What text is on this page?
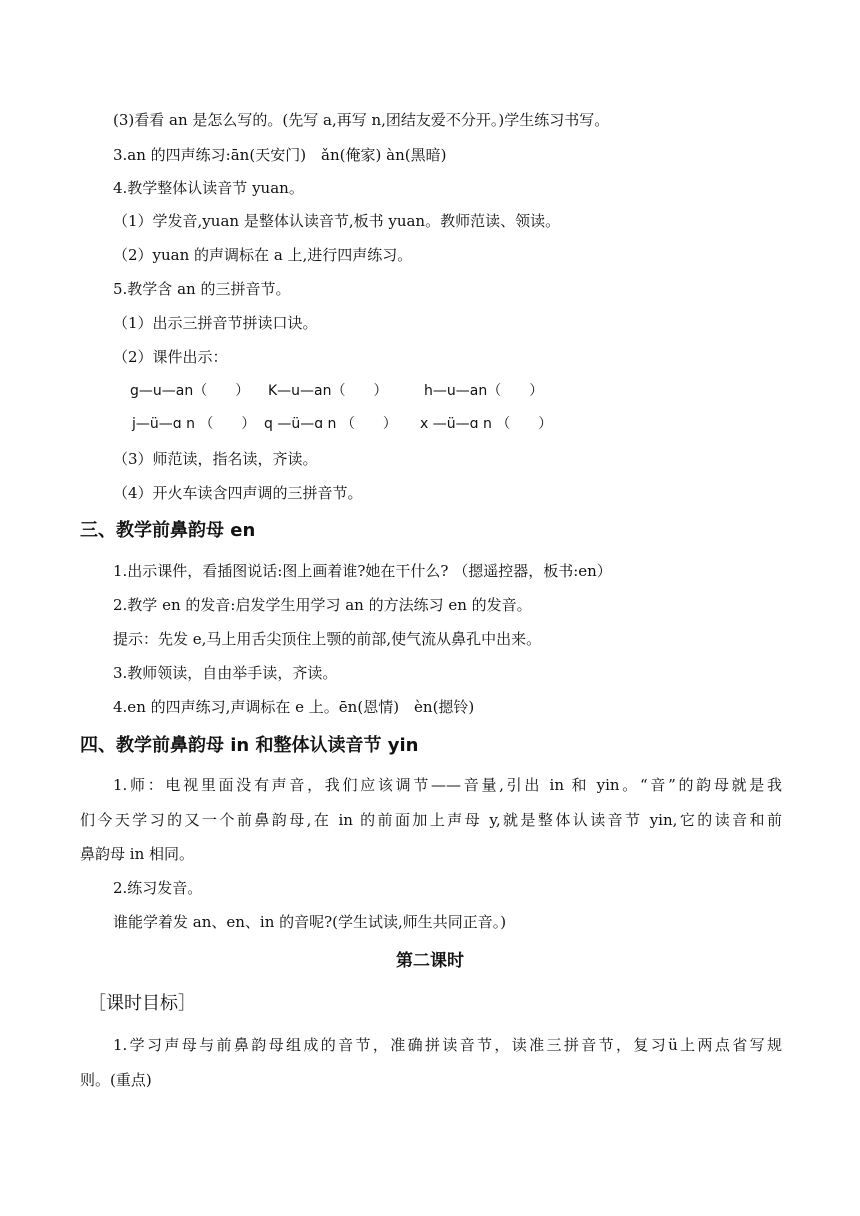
(3)看看 an 是怎么写的。(先写 a,再写 n,团结友爱不分开。)学生练习书写。
3.an 的四声练习:ān(天安门)　ǎn(俺家) àn(黑暗)
4.教学整体认读音节 yuan。
（1）学发音,yuan 是整体认读音节,板书 yuan。教师范读、领读。
（2）yuan 的声调标在 a 上,进行四声练习。
5.教学含 an 的三拼音节。
（1）出示三拼音节拼读口诀。
（2）课件出示：
g—u—an（　　） K—u—an（　　）	h—u—an（　　）
j—ü—ɑ n （　　） q —ü—ɑ n （　　） x —ü—ɑ n （　　）
（3）师范读，指名读，齐读。
（4）开火车读含四声调的三拼音节。
三、教学前鼻韵母 en
1.出示课件，看插图说话:图上画着谁?她在干什么? （摁遥控器，板书:en）
2.教学 en 的发音:启发学生用学习 an 的方法练习 en 的发音。
提示：先发 e,马上用舌尖顶住上颚的前部,使气流从鼻孔中出来。
3.教师领读，自由举手读，齐读。
4.en 的四声练习,声调标在 e 上。ēn(恩情)　èn(摁铃)
四、教学前鼻韵母 in 和整体认读音节 yin
1.师：电视里面没有声音，我们应该调节——音量,引出 in 和 yin。“音”的韵母就是我
们今天学习的又一个前鼻韵母,在 in 的前面加上声母 y,就是整体认读音节 yin,它的读音和前
鼻韵母 in 相同。
2.练习发音。
谁能学着发 an、en、in 的音呢?(学生试读,师生共同正音。)
第二课时
［课时目标］
1.学习声母与前鼻韵母组成的音节，准确拼读音节，读准三拼音节，复习ü上两点省写规
则。(重点)
